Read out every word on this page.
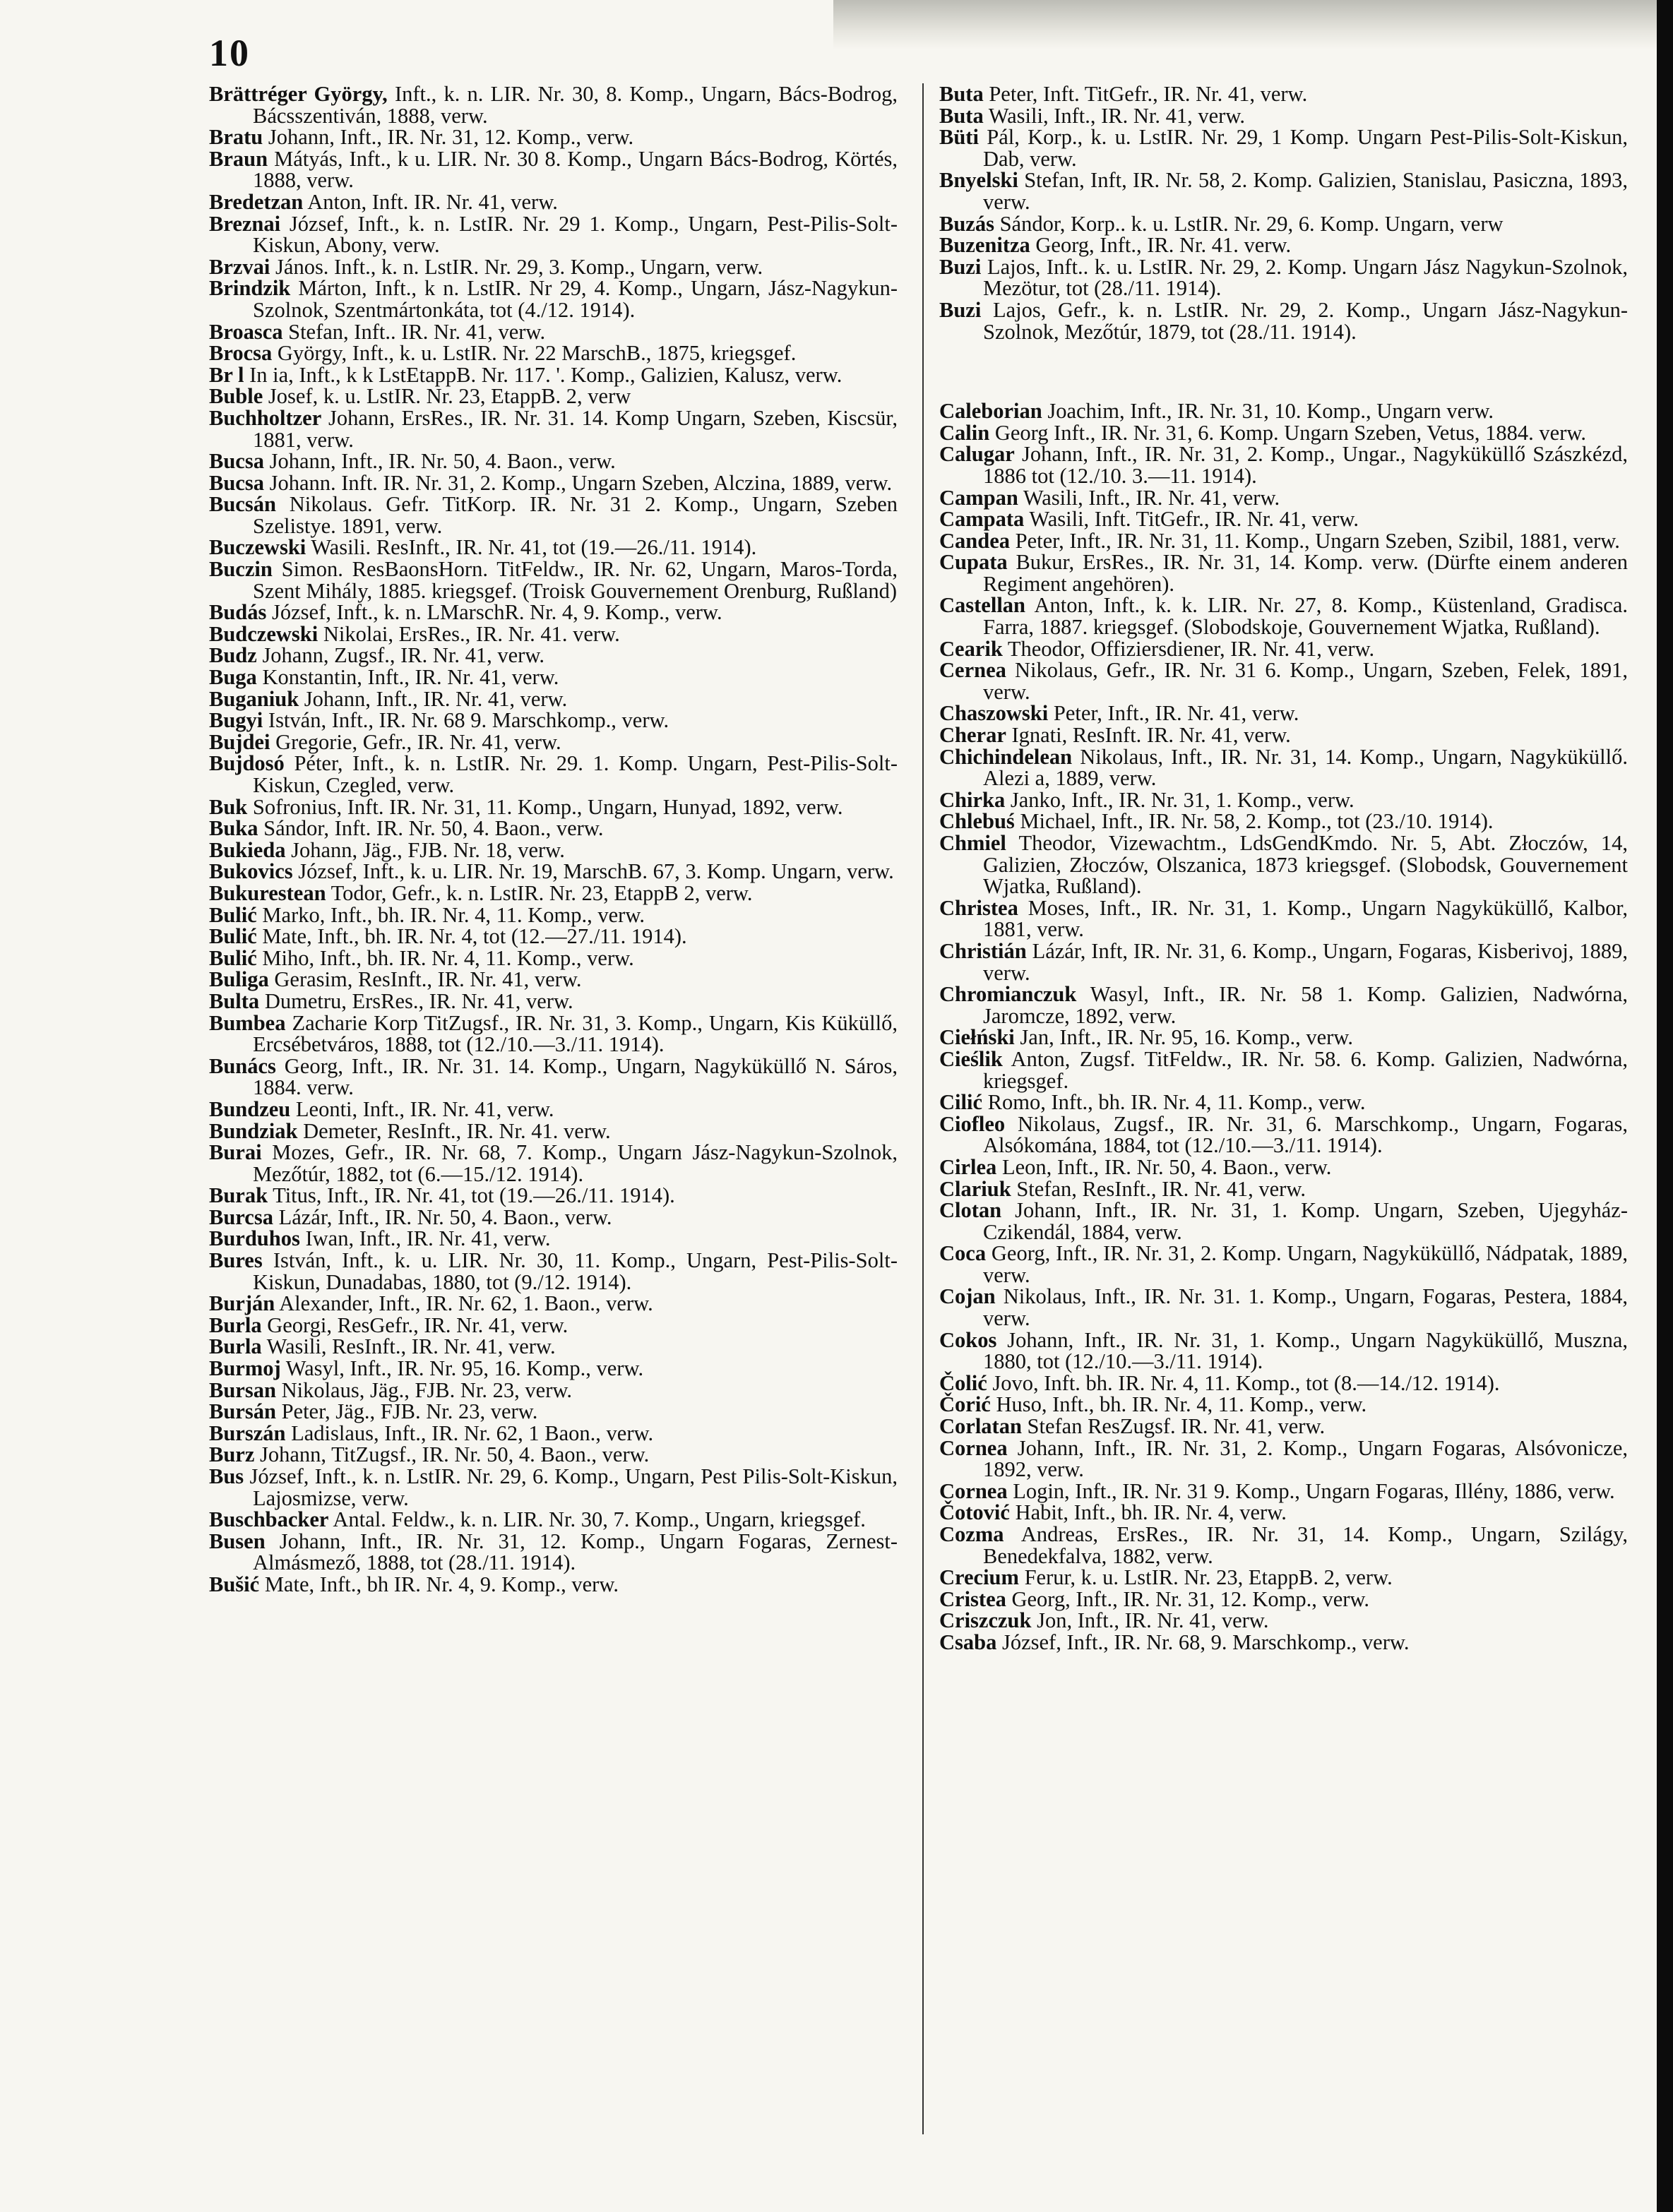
10

Brättréger György, Inft., k. n. LIR. Nr. 30, 8. Komp., Ungarn, Bács-Bodrog, Bácsszentiván, 1888, verw.

Bratu Johann, Inft., IR. Nr. 31, 12. Komp., verw.

Braun Mátyás, Inft., k u. LIR. Nr. 30 8. Komp., Ungarn Bács-Bodrog, Körtés, 1888, verw.

Bredetzan Anton, Inft. IR. Nr. 41, verw.

Breznai József, Inft., k. n. LstIR. Nr. 29 1. Komp., Ungarn, Pest-Pilis-Solt-Kiskun, Abony, verw.

Brzvai János. Inft., k. n. LstIR. Nr. 29, 3. Komp., Ungarn, verw.

Brindzik Márton, Inft., k n. LstIR. Nr 29, 4. Komp., Ungarn, Jász-Nagykun-Szolnok, Szentmártonkáta, tot (4./12. 1914).

Broasca Stefan, Inft.. IR. Nr. 41, verw.

Brocsa György, Inft., k. u. LstIR. Nr. 22 MarschB., 1875, kriegsgef.

Br l In ia, Inft., k k LstEtappB. Nr. 117. '. Komp., Galizien, Kalusz, verw.

Buble Josef, k. u. LstIR. Nr. 23, EtappB. 2, verw

Buchholtzer Johann, ErsRes., IR. Nr. 31. 14. Komp Ungarn, Szeben, Kiscsür, 1881, verw.

Bucsa Johann, Inft., IR. Nr. 50, 4. Baon., verw.

Bucsa Johann. Inft. IR. Nr. 31, 2. Komp., Ungarn Szeben, Alczina, 1889, verw.

Bucsán Nikolaus. Gefr. TitKorp. IR. Nr. 31 2. Komp., Ungarn, Szeben Szelistye. 1891, verw.

Buczewski Wasili. ResInft., IR. Nr. 41, tot (19.—26./11. 1914).

Buczin Simon. ResBaonsHorn. TitFeldw., IR. Nr. 62, Ungarn, Maros-Torda, Szent Mihály, 1885. kriegsgef. (Troisk Gouvernement Orenburg, Rußland)

Budás József, Inft., k. n. LMarschR. Nr. 4, 9. Komp., verw.

Budczewski Nikolai, ErsRes., IR. Nr. 41. verw.

Budz Johann, Zugsf., IR. Nr. 41, verw.

Buga Konstantin, Inft., IR. Nr. 41, verw.

Buganiuk Johann, Inft., IR. Nr. 41, verw.

Bugyi István, Inft., IR. Nr. 68 9. Marschkomp., verw.

Bujdei Gregorie, Gefr., IR. Nr. 41, verw.

Bujdosó Péter, Inft., k. n. LstIR. Nr. 29. 1. Komp. Ungarn, Pest-Pilis-Solt-Kiskun, Czegled, verw.

Buk Sofronius, Inft. IR. Nr. 31, 11. Komp., Ungarn, Hunyad, 1892, verw.

Buka Sándor, Inft. IR. Nr. 50, 4. Baon., verw.

Bukieda Johann, Jäg., FJB. Nr. 18, verw.

Bukovics József, Inft., k. u. LIR. Nr. 19, MarschB. 67, 3. Komp. Ungarn, verw.

Bukurestean Todor, Gefr., k. n. LstIR. Nr. 23, EtappB 2, verw.

Bulić Marko, Inft., bh. IR. Nr. 4, 11. Komp., verw.

Bulić Mate, Inft., bh. IR. Nr. 4, tot (12.—27./11. 1914).

Bulić Miho, Inft., bh. IR. Nr. 4, 11. Komp., verw.

Buliga Gerasim, ResInft., IR. Nr. 41, verw.

Bulta Dumetru, ErsRes., IR. Nr. 41, verw.

Bumbea Zacharie Korp TitZugsf., IR. Nr. 31, 3. Komp., Ungarn, Kis Küküllő, Ercsébetváros, 1888, tot (12./10.—3./11. 1914).

Bunács Georg, Inft., IR. Nr. 31. 14. Komp., Ungarn, Nagyküküllő N. Sáros, 1884. verw.

Bundzeu Leonti, Inft., IR. Nr. 41, verw.

Bundziak Demeter, ResInft., IR. Nr. 41. verw.

Burai Mozes, Gefr., IR. Nr. 68, 7. Komp., Ungarn Jász-Nagykun-Szolnok, Mezőtúr, 1882, tot (6.—15./12. 1914).

Burak Titus, Inft., IR. Nr. 41, tot (19.—26./11. 1914).

Burcsa Lázár, Inft., IR. Nr. 50, 4. Baon., verw.

Burduhos Iwan, Inft., IR. Nr. 41, verw.

Bures István, Inft., k. u. LIR. Nr. 30, 11. Komp., Ungarn, Pest-Pilis-Solt-Kiskun, Dunadabas, 1880, tot (9./12. 1914).

Burján Alexander, Inft., IR. Nr. 62, 1. Baon., verw.

Burla Georgi, ResGefr., IR. Nr. 41, verw.

Burla Wasili, ResInft., IR. Nr. 41, verw.

Burmoj Wasyl, Inft., IR. Nr. 95, 16. Komp., verw.

Bursan Nikolaus, Jäg., FJB. Nr. 23, verw.

Bursán Peter, Jäg., FJB. Nr. 23, verw.

Burszán Ladislaus, Inft., IR. Nr. 62, 1 Baon., verw.

Burz Johann, TitZugsf., IR. Nr. 50, 4. Baon., verw.

Bus József, Inft., k. n. LstIR. Nr. 29, 6. Komp., Ungarn, Pest Pilis-Solt-Kiskun, Lajosmizse, verw.

Buschbacker Antal. Feldw., k. n. LIR. Nr. 30, 7. Komp., Ungarn, kriegsgef.

Busen Johann, Inft., IR. Nr. 31, 12. Komp., Ungarn Fogaras, Zernest-Almásmező, 1888, tot (28./11. 1914).

Bušić Mate, Inft., bh IR. Nr. 4, 9. Komp., verw.

Buta Peter, Inft. TitGefr., IR. Nr. 41, verw.

Buta Wasili, Inft., IR. Nr. 41, verw.

Büti Pál, Korp., k. u. LstIR. Nr. 29, 1 Komp. Ungarn Pest-Pilis-Solt-Kiskun, Dab, verw.

Bnyelski Stefan, Inft, IR. Nr. 58, 2. Komp. Galizien, Stanislau, Pasiczna, 1893, verw.

Buzás Sándor, Korp.. k. u. LstIR. Nr. 29, 6. Komp. Ungarn, verw

Buzenitza Georg, Inft., IR. Nr. 41. verw.

Buzi Lajos, Inft.. k. u. LstIR. Nr. 29, 2. Komp. Ungarn Jász Nagykun-Szolnok, Mezötur, tot (28./11. 1914).

Buzi Lajos, Gefr., k. n. LstIR. Nr. 29, 2. Komp., Ungarn Jász-Nagykun-Szolnok, Mezőtúr, 1879, tot (28./11. 1914).

Caleborian Joachim, Inft., IR. Nr. 31, 10. Komp., Ungarn verw.

Calin Georg Inft., IR. Nr. 31, 6. Komp. Ungarn Szeben, Vetus, 1884. verw.

Calugar Johann, Inft., IR. Nr. 31, 2. Komp., Ungar., Nagyküküllő Szászkézd, 1886 tot (12./10. 3.—11. 1914).

Campan Wasili, Inft., IR. Nr. 41, verw.

Campata Wasili, Inft. TitGefr., IR. Nr. 41, verw.

Candea Peter, Inft., IR. Nr. 31, 11. Komp., Ungarn Szeben, Szibil, 1881, verw.

Cupata Bukur, ErsRes., IR. Nr. 31, 14. Komp. verw. (Dürfte einem anderen Regiment angehören).

Castellan Anton, Inft., k. k. LIR. Nr. 27, 8. Komp., Küstenland, Gradisca. Farra, 1887. kriegsgef. (Slobodskoje, Gouvernement Wjatka, Rußland).

Cearik Theodor, Offiziersdiener, IR. Nr. 41, verw.

Cernea Nikolaus, Gefr., IR. Nr. 31 6. Komp., Ungarn, Szeben, Felek, 1891, verw.

Chaszowski Peter, Inft., IR. Nr. 41, verw.

Cherar Ignati, ResInft. IR. Nr. 41, verw.

Chichindelean Nikolaus, Inft., IR. Nr. 31, 14. Komp., Ungarn, Nagyküküllő. Alezi a, 1889, verw.

Chirka Janko, Inft., IR. Nr. 31, 1. Komp., verw.

Chlebuś Michael, Inft., IR. Nr. 58, 2. Komp., tot (23./10. 1914).

Chmiel Theodor, Vizewachtm., LdsGendKmdo. Nr. 5, Abt. Złoczów, 14, Galizien, Złoczów, Olszanica, 1873 kriegsgef. (Slobodsk, Gouvernement Wjatka, Rußland).

Christea Moses, Inft., IR. Nr. 31, 1. Komp., Ungarn Nagyküküllő, Kalbor, 1881, verw.

Christián Lázár, Inft, IR. Nr. 31, 6. Komp., Ungarn, Fogaras, Kisberivoj, 1889, verw.

Chromianczuk Wasyl, Inft., IR. Nr. 58 1. Komp. Galizien, Nadwórna, Jaromcze, 1892, verw.

Ciełński Jan, Inft., IR. Nr. 95, 16. Komp., verw.

Cieślik Anton, Zugsf. TitFeldw., IR. Nr. 58. 6. Komp. Galizien, Nadwórna, kriegsgef.

Cilić Romo, Inft., bh. IR. Nr. 4, 11. Komp., verw.

Ciofleo Nikolaus, Zugsf., IR. Nr. 31, 6. Marschkomp., Ungarn, Fogaras, Alsókomána, 1884, tot (12./10.—3./11. 1914).

Cirlea Leon, Inft., IR. Nr. 50, 4. Baon., verw.

Clariuk Stefan, ResInft., IR. Nr. 41, verw.

Clotan Johann, Inft., IR. Nr. 31, 1. Komp. Ungarn, Szeben, Ujegyház-Czikendál, 1884, verw.

Coca Georg, Inft., IR. Nr. 31, 2. Komp. Ungarn, Nagyküküllő, Nádpatak, 1889, verw.

Cojan Nikolaus, Inft., IR. Nr. 31. 1. Komp., Ungarn, Fogaras, Pestera, 1884, verw.

Cokos Johann, Inft., IR. Nr. 31, 1. Komp., Ungarn Nagyküküllő, Muszna, 1880, tot (12./10.—3./11. 1914).

Čolić Jovo, Inft. bh. IR. Nr. 4, 11. Komp., tot (8.—14./12. 1914).

Čorić Huso, Inft., bh. IR. Nr. 4, 11. Komp., verw.

Corlatan Stefan ResZugsf. IR. Nr. 41, verw.

Cornea Johann, Inft., IR. Nr. 31, 2. Komp., Ungarn Fogaras, Alsóvonicze, 1892, verw.

Cornea Login, Inft., IR. Nr. 31 9. Komp., Ungarn Fogaras, Illény, 1886, verw.

Čotović Habit, Inft., bh. IR. Nr. 4, verw.

Cozma Andreas, ErsRes., IR. Nr. 31, 14. Komp., Ungarn, Szilágy, Benedekfalva, 1882, verw.

Crecium Ferur, k. u. LstIR. Nr. 23, EtappB. 2, verw.

Cristea Georg, Inft., IR. Nr. 31, 12. Komp., verw.

Criszczuk Jon, Inft., IR. Nr. 41, verw.

Csaba József, Inft., IR. Nr. 68, 9. Marschkomp., verw.
